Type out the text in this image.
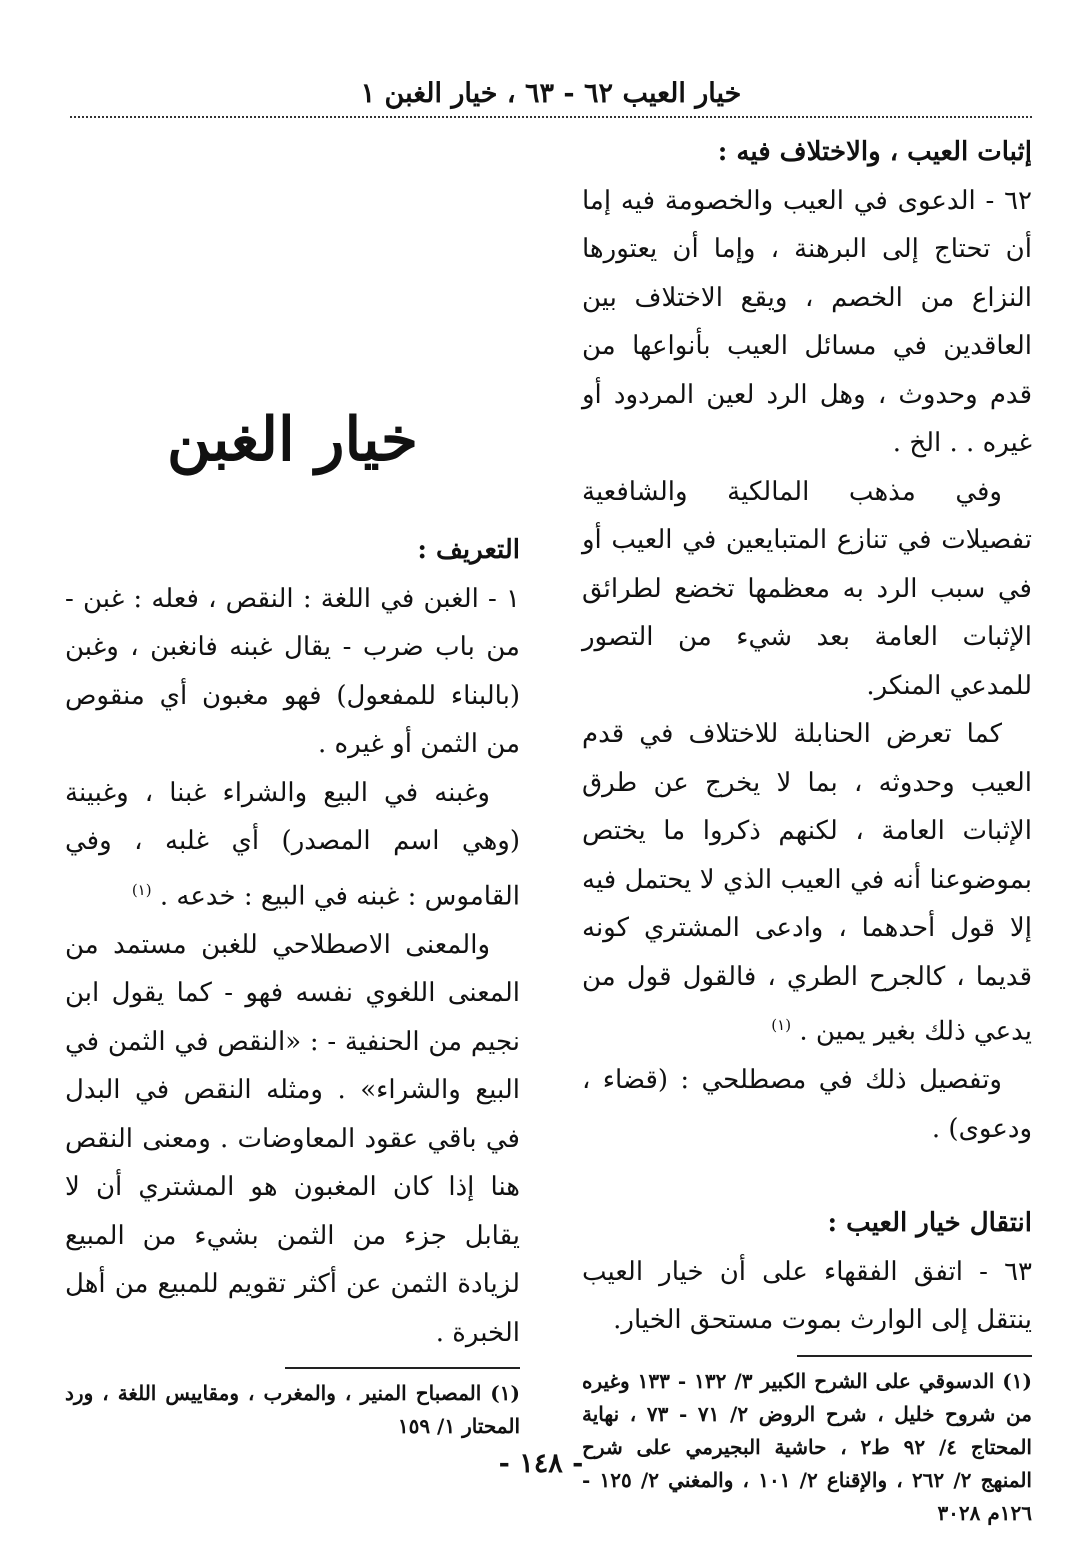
خيار العيب ٦٢ - ٦٣ ، خيار الغبن ١

إثبات العيب ، والاختلاف فيه :

٦٢ - الدعوى في العيب والخصومة فيه إما أن تحتاج إلى البرهنة ، وإما أن يعتورها النزاع من الخصم ، ويقع الاختلاف بين العاقدين في مسائل العيب بأنواعها من قدم وحدوث ، وهل الرد لعين المردود أو غيره . . الخ .

وفي مذهب المالكية والشافعية تفصيلات في تنازع المتبايعين في العيب أو في سبب الرد به معظمها تخضع لطرائق الإثبات العامة بعد شيء من التصور للمدعي المنكر.

كما تعرض الحنابلة للاختلاف في قدم العيب وحدوثه ، بما لا يخرج عن طرق الإثبات العامة ، لكنهم ذكروا ما يختص بموضوعنا أنه في العيب الذي لا يحتمل فيه إلا قول أحدهما ، وادعى المشتري كونه قديما ، كالجرح الطري ، فالقول قول من يدعي ذلك بغير يمين . $^{(١)}$

وتفصيل ذلك في مصطلحي : (قضاء ، ودعوى) .

انتقال خيار العيب :

٦٣ - اتفق الفقهاء على أن خيار العيب ينتقل إلى الوارث بموت مستحق الخيار.

(١) الدسوقي على الشرح الكبير ٣/ ١٣٢ - ١٣٣ وغيره من شروح خليل ، شرح الروض ٢/ ٧١ - ٧٣ ، نهاية المحتاج ٤/ ٩٢ ط٢ ، حاشية البجيرمي على شرح المنهج ٢/ ٢٦٢ ، والإقناع ٢/ ١٠١ ، والمغني ٢/ ١٢٥ - ١٢٦م ٣٠٢٨

خيار الغبن

التعريف :

١ - الغبن في اللغة : النقص ، فعله : غبن - من باب ضرب - يقال غبنه فانغبن ، وغبن (بالبناء للمفعول) فهو مغبون أي منقوص من الثمن أو غيره .

وغبنه في البيع والشراء غبنا ، وغبينة (وهي اسم المصدر) أي غلبه ، وفي القاموس : غبنه في البيع : خدعه . $^{(١)}$

والمعنى الاصطلاحي للغبن مستمد من المعنى اللغوي نفسه فهو - كما يقول ابن نجيم من الحنفية - : «النقص في الثمن في البيع والشراء» . ومثله النقص في البدل في باقي عقود المعاوضات . ومعنى النقص هنا إذا كان المغبون هو المشتري أن لا يقابل جزء من الثمن بشيء من المبيع لزيادة الثمن عن أكثر تقويم للمبيع من أهل الخبرة .

(١) المصباح المنير ، والمغرب ، ومقاييس اللغة ، ورد المحتار ١/ ١٥٩

- ١٤٨ -
